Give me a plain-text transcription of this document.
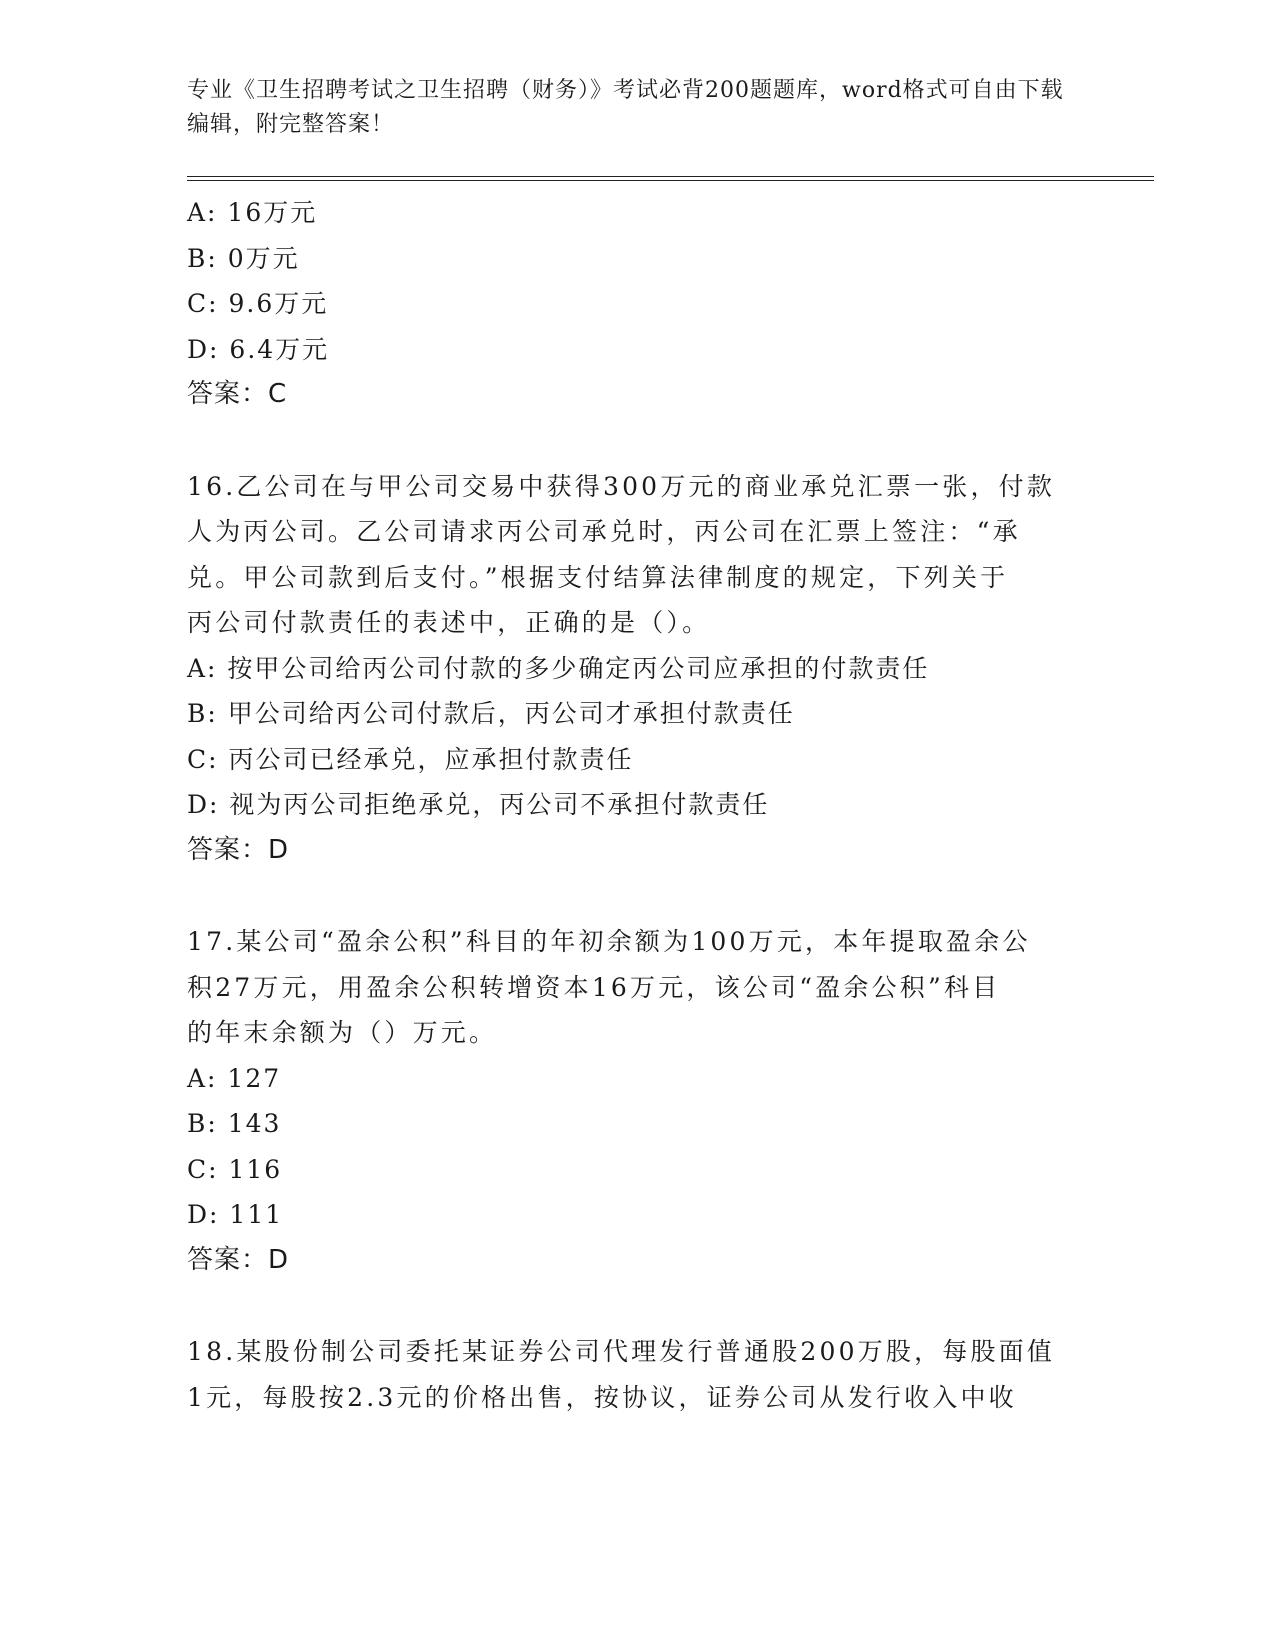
专业《卫生招聘考试之卫生招聘（财务）》考试必背200题题库，word格式可自由下载编辑，附完整答案！
A: 16万元
B: 0万元
C: 9.6万元
D: 6.4万元
答案：C
16.乙公司在与甲公司交易中获得300万元的商业承兑汇票一张，付款
人为丙公司。乙公司请求丙公司承兑时，丙公司在汇票上签注：“承
兑。甲公司款到后支付。”根据支付结算法律制度的规定，下列关于
丙公司付款责任的表述中，正确的是（）。
A: 按甲公司给丙公司付款的多少确定丙公司应承担的付款责任
B: 甲公司给丙公司付款后，丙公司才承担付款责任
C: 丙公司已经承兑，应承担付款责任
D: 视为丙公司拒绝承兑，丙公司不承担付款责任
答案：D
17.某公司“盈余公积”科目的年初余额为100万元，本年提取盈余公
积27万元，用盈余公积转增资本16万元，该公司“盈余公积”科目
的年末余额为（）万元。
A: 127
B: 143
C: 116
D: 111
答案：D
18.某股份制公司委托某证券公司代理发行普通股200万股，每股面值
1元，每股按2.3元的价格出售，按协议，证券公司从发行收入中收
